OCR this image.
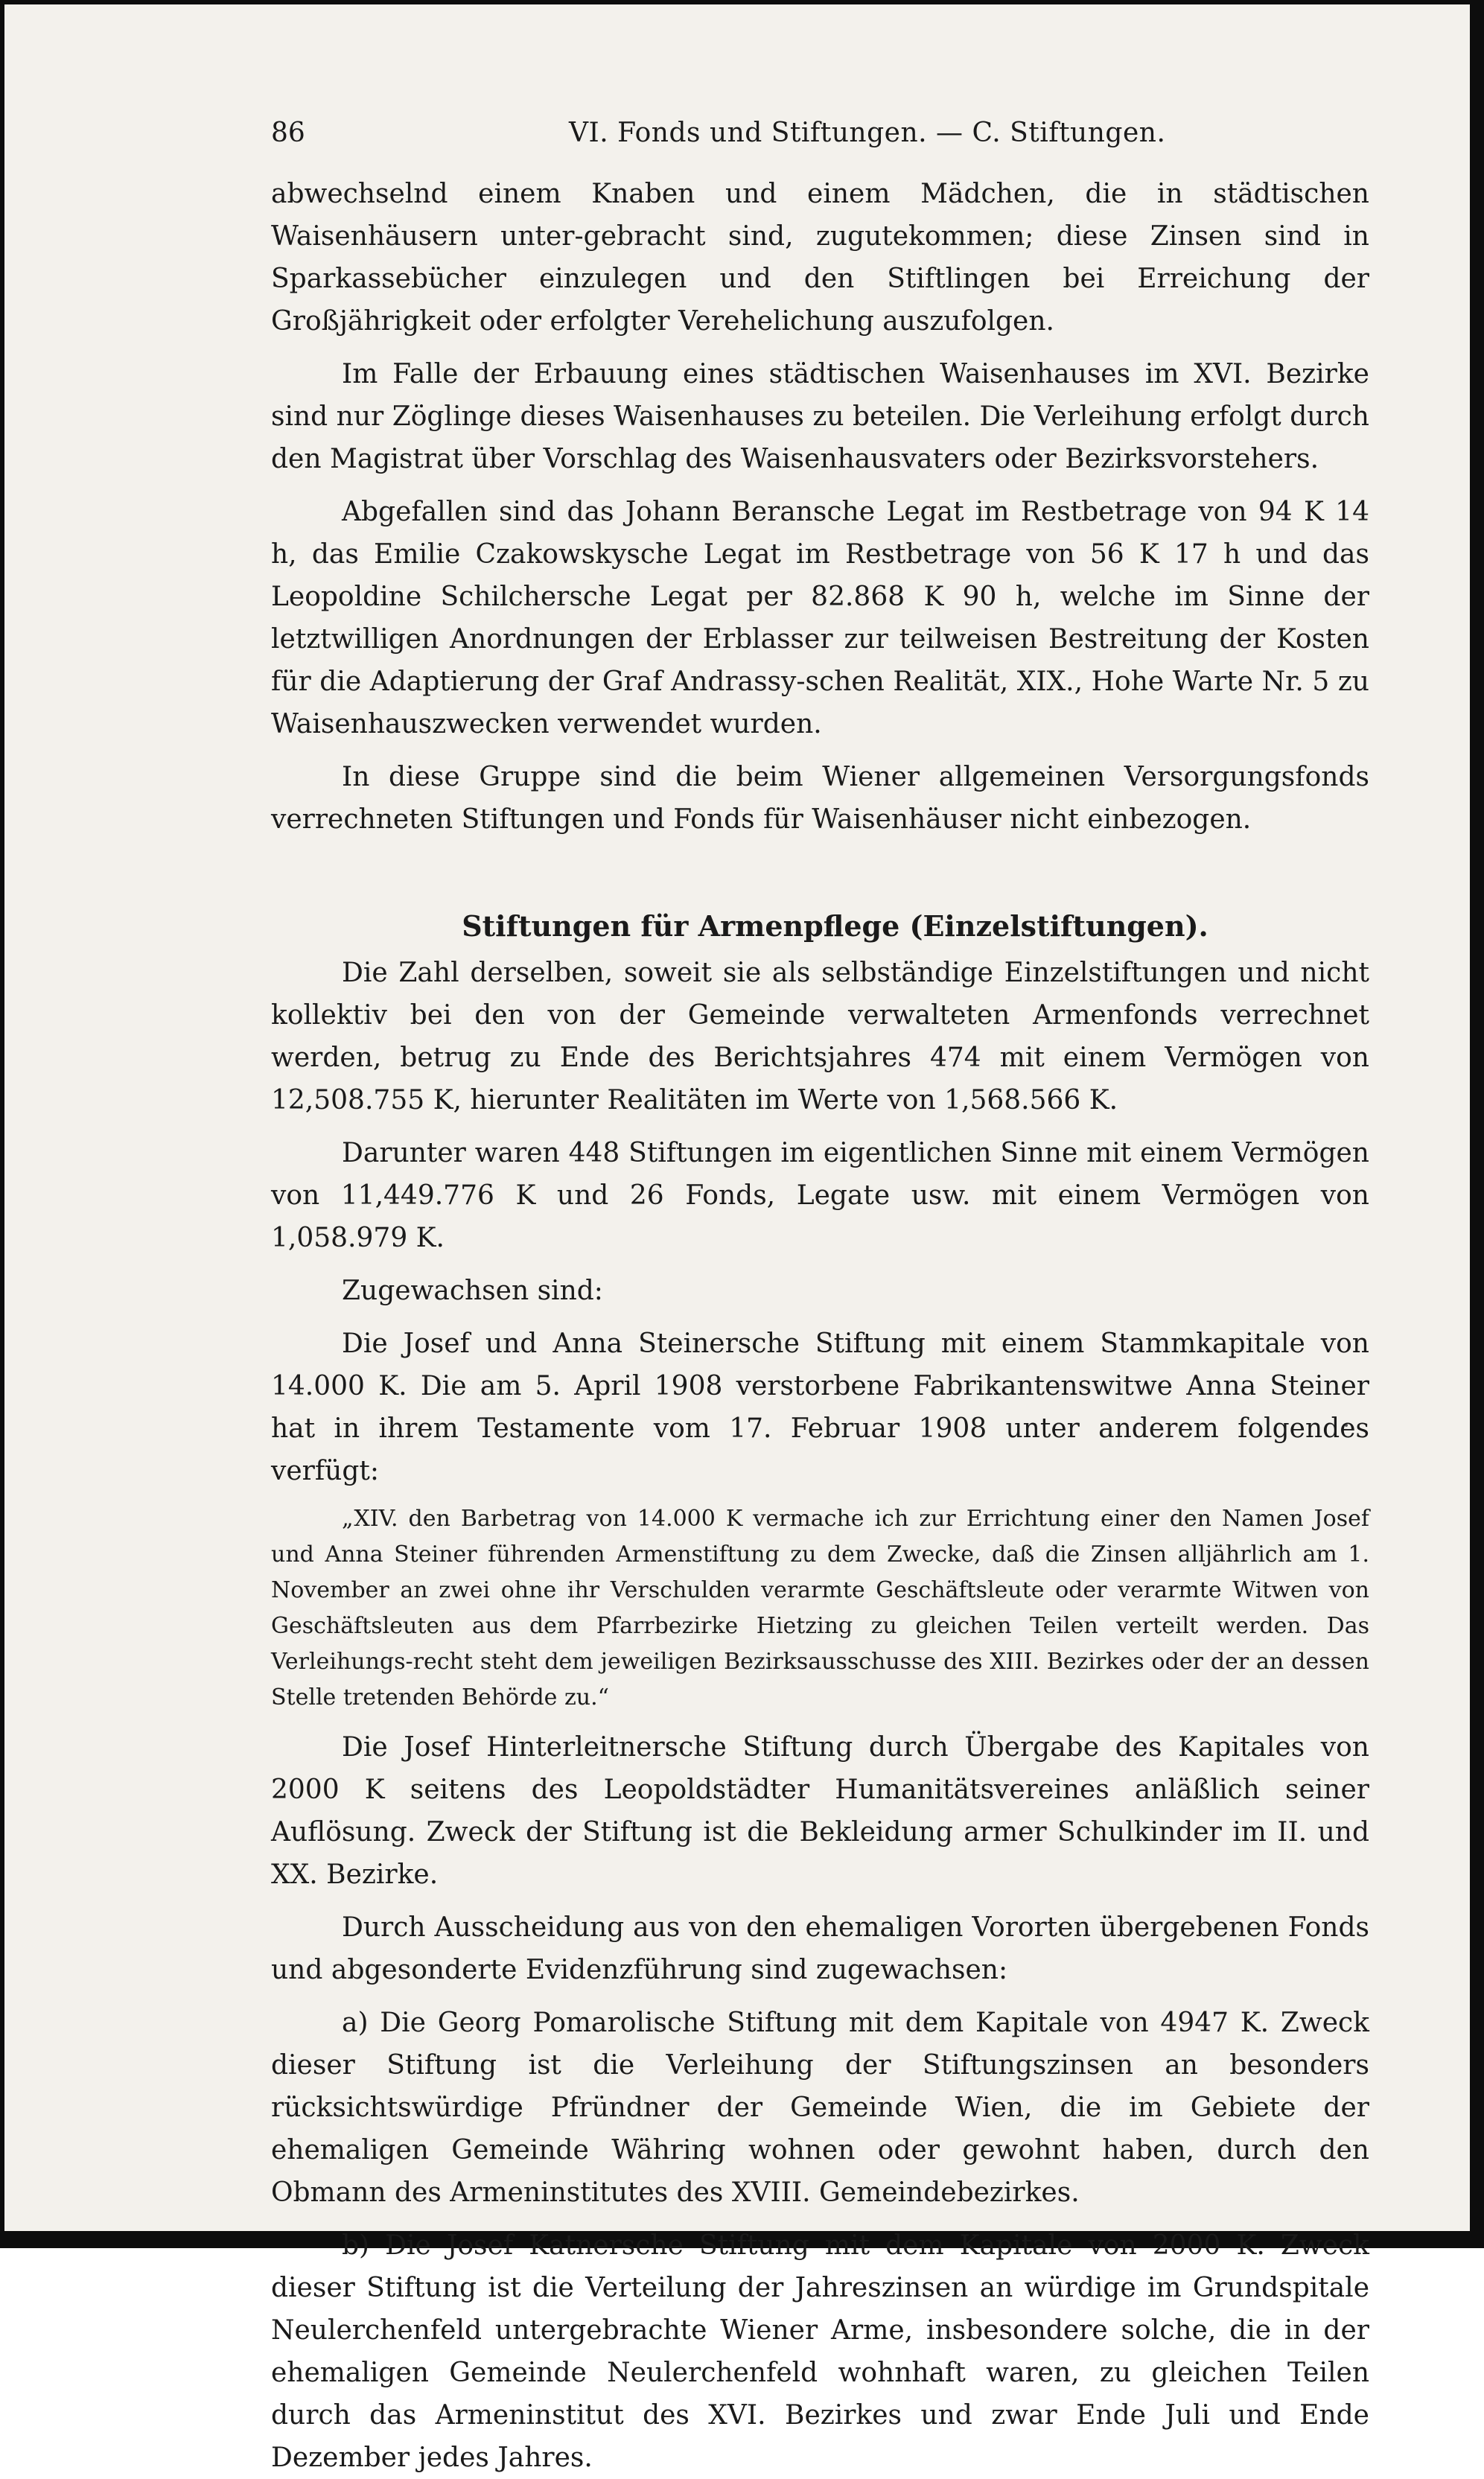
86	VI. Fonds und Stiftungen. — C. Stiftungen.

abwechselnd einem Knaben und einem Mädchen, die in städtischen Waisenhäusern unter-gebracht sind, zugutekommen; diese Zinsen sind in Sparkassebücher einzulegen und den Stiftlingen bei Erreichung der Großjährigkeit oder erfolgter Verehelichung auszufolgen.

Im Falle der Erbauung eines städtischen Waisenhauses im XVI. Bezirke sind nur Zöglinge dieses Waisenhauses zu beteilen. Die Verleihung erfolgt durch den Magistrat über Vorschlag des Waisenhausvaters oder Bezirksvorstehers.

Abgefallen sind das Johann Beransche Legat im Restbetrage von 94 K 14 h, das Emilie Czakowskysche Legat im Restbetrage von 56 K 17 h und das Leopoldine Schilchersche Legat per 82.868 K 90 h, welche im Sinne der letztwilligen Anordnungen der Erblasser zur teilweisen Bestreitung der Kosten für die Adaptierung der Graf Andrassy-schen Realität, XIX., Hohe Warte Nr. 5 zu Waisenhauszwecken verwendet wurden.

In diese Gruppe sind die beim Wiener allgemeinen Versorgungsfonds verrechneten Stiftungen und Fonds für Waisenhäuser nicht einbezogen.

Stiftungen für Armenpflege (Einzelstiftungen).

Die Zahl derselben, soweit sie als selbständige Einzelstiftungen und nicht kollektiv bei den von der Gemeinde verwalteten Armenfonds verrechnet werden, betrug zu Ende des Berichtsjahres 474 mit einem Vermögen von 12,508.755 K, hierunter Realitäten im Werte von 1,568.566 K.

Darunter waren 448 Stiftungen im eigentlichen Sinne mit einem Vermögen von 11,449.776 K und 26 Fonds, Legate usw. mit einem Vermögen von 1,058.979 K.

Zugewachsen sind:

Die Josef und Anna Steinersche Stiftung mit einem Stammkapitale von 14.000 K. Die am 5. April 1908 verstorbene Fabrikantenswitwe Anna Steiner hat in ihrem Testamente vom 17. Februar 1908 unter anderem folgendes verfügt:

„XIV. den Barbetrag von 14.000 K vermache ich zur Errichtung einer den Namen Josef und Anna Steiner führenden Armenstiftung zu dem Zwecke, daß die Zinsen alljährlich am 1. November an zwei ohne ihr Verschulden verarmte Geschäftsleute oder verarmte Witwen von Geschäftsleuten aus dem Pfarrbezirke Hietzing zu gleichen Teilen verteilt werden. Das Verleihungs-recht steht dem jeweiligen Bezirksausschusse des XIII. Bezirkes oder der an dessen Stelle tretenden Behörde zu.“

Die Josef Hinterleitnersche Stiftung durch Übergabe des Kapitales von 2000 K seitens des Leopoldstädter Humanitätsvereines anläßlich seiner Auflösung. Zweck der Stiftung ist die Bekleidung armer Schulkinder im II. und XX. Bezirke.

Durch Ausscheidung aus von den ehemaligen Vororten übergebenen Fonds und abgesonderte Evidenzführung sind zugewachsen:

a) Die Georg Pomarolische Stiftung mit dem Kapitale von 4947 K. Zweck dieser Stiftung ist die Verleihung der Stiftungszinsen an besonders rücksichtswürdige Pfründner der Gemeinde Wien, die im Gebiete der ehemaligen Gemeinde Währing wohnen oder gewohnt haben, durch den Obmann des Armeninstitutes des XVIII. Gemeindebezirkes.

b) Die Josef Katnersche Stiftung mit dem Kapitale von 2000 K. Zweck dieser Stiftung ist die Verteilung der Jahreszinsen an würdige im Grundspitale Neulerchenfeld untergebrachte Wiener Arme, insbesondere solche, die in der ehemaligen Gemeinde Neulerchenfeld wohnhaft waren, zu gleichen Teilen durch das Armeninstitut des XVI. Bezirkes und zwar Ende Juli und Ende Dezember jedes Jahres.
